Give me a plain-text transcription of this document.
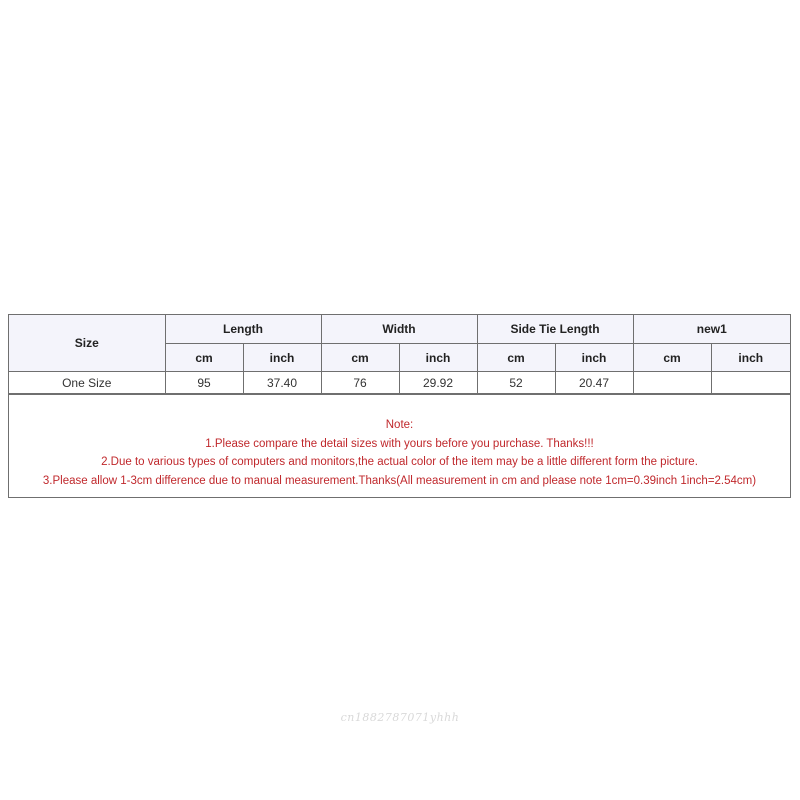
Size	Length		Width		Side Tie Length		new1	
	cm	inch	cm	inch	cm	inch	cm	inch
One Size	95	37.40	76	29.92	52	20.47		
Note:
1.Please compare the detail sizes with yours before you purchase. Thanks!!!
2.Due to various types of computers and monitors,the actual color of the item may be a little different form the picture.
3.Please allow 1-3cm difference due to manual measurement.Thanks(All measurement in cm and please note 1cm=0.39inch 1inch=2.54cm)
cn1882787071yhhh
